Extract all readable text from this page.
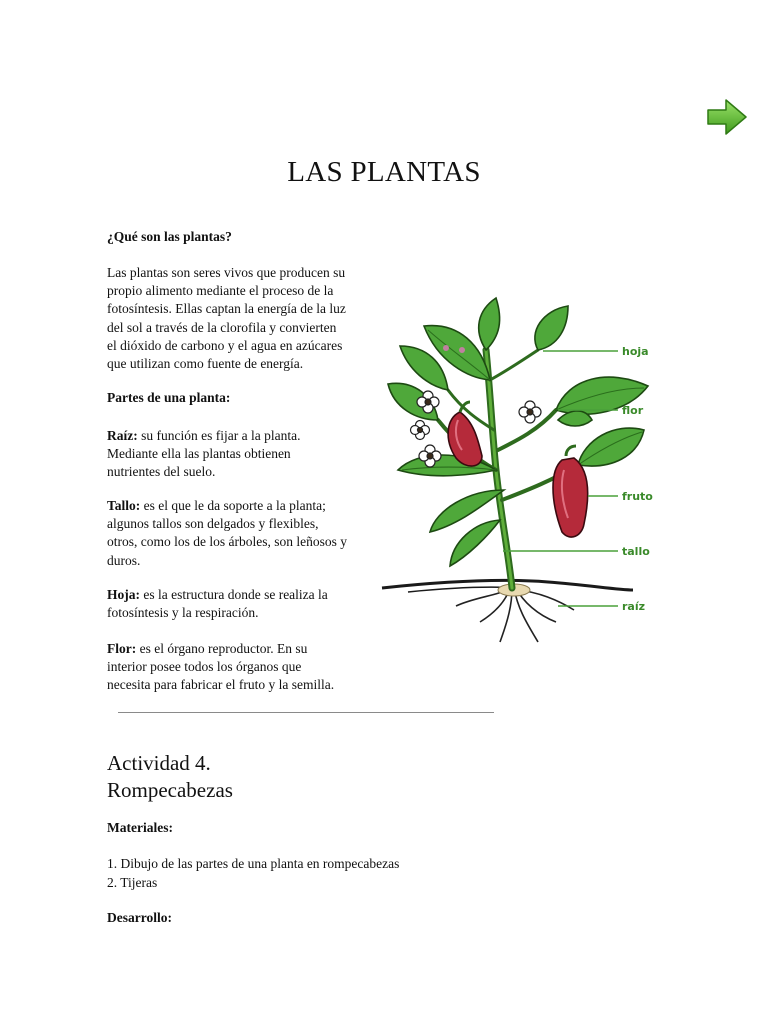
LAS PLANTAS
¿Qué son las plantas?

Las plantas son seres vivos que producen su
propio alimento mediante el proceso de la
fotosíntesis. Ellas captan la energía de la luz
del sol a través de la clorofila y convierten
el dióxido de carbono y el agua en azúcares
que utilizan como fuente de energía.

Partes de una planta:

Raíz: su función es fijar a la planta.
Mediante ella las plantas obtienen
nutrientes del suelo.

Tallo: es el que le da soporte a la planta;
algunos tallos son delgados y flexibles,
otros, como los de los árboles, son leñosos y
duros.

Hoja: es la estructura donde se realiza la
fotosíntesis y la respiración.

Flor: es el órgano reproductor. En su
interior posee todos los órganos que
necesita para fabricar el fruto y la semilla.

hoja
flor
fruto
tallo
raíz
Actividad 4.
Rompecabezas
Materiales:
1. Dibujo de las partes de una planta en rompecabezas
2. Tijeras
Desarrollo:
